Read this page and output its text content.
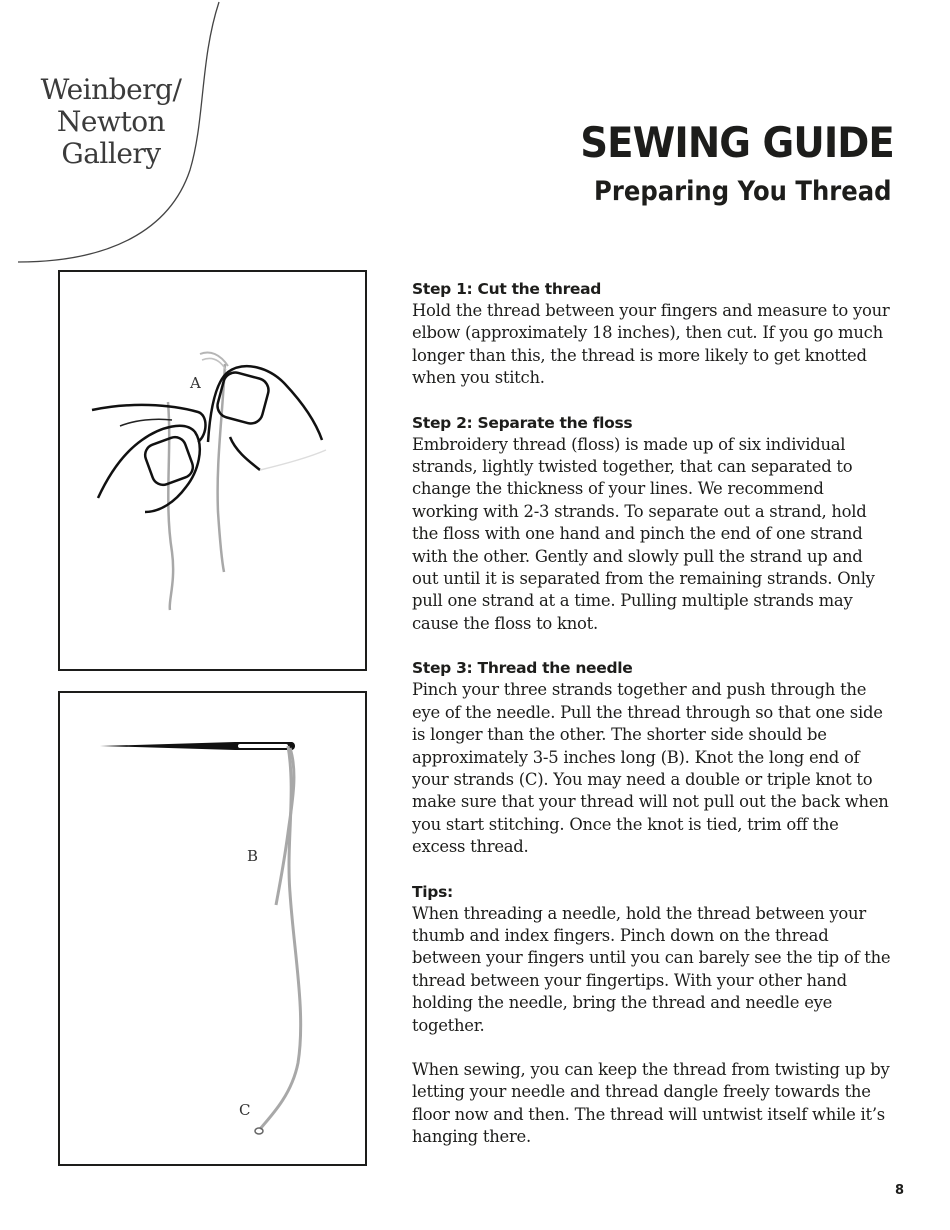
Weinberg/
Newton
Gallery	SEWING GUIDE
Preparing You Thread
A
B
C
Step 1: Cut the thread

Hold the thread between your fingers and measure to your elbow (approximately 18 inches), then cut. If you go much longer than this, the thread is more likely to get knotted when you stitch.

Step 2: Separate the floss

Embroidery thread (floss) is made up of six individual strands, lightly twisted together, that can separated to change the thickness of your lines. We recommend working with 2-3 strands. To separate out a strand, hold the floss with one hand and pinch the end of one strand with the other. Gently and slowly pull the strand up and out until it is separated from the remaining strands. Only pull one strand at a time. Pulling multiple strands may cause the floss to knot.

Step 3: Thread the needle

Pinch your three strands together and push through the eye of the needle. Pull the thread through so that one side is longer than the other. The shorter side should be approximately 3-5 inches long (B). Knot the long end of your strands (C). You may need a double or triple knot to make sure that your thread will not pull out the back when you start stitching. Once the knot is tied, trim off the excess thread.

Tips:

When threading a needle, hold the thread between your thumb and index fingers. Pinch down on the thread between your fingers until you can barely see the tip of the thread between your fingertips. With your other hand holding the needle, bring the thread and needle eye together.

When sewing, you can keep the thread from twisting up by letting your needle and thread dangle freely towards the floor now and then. The thread will untwist itself while it’s hanging there.

8
